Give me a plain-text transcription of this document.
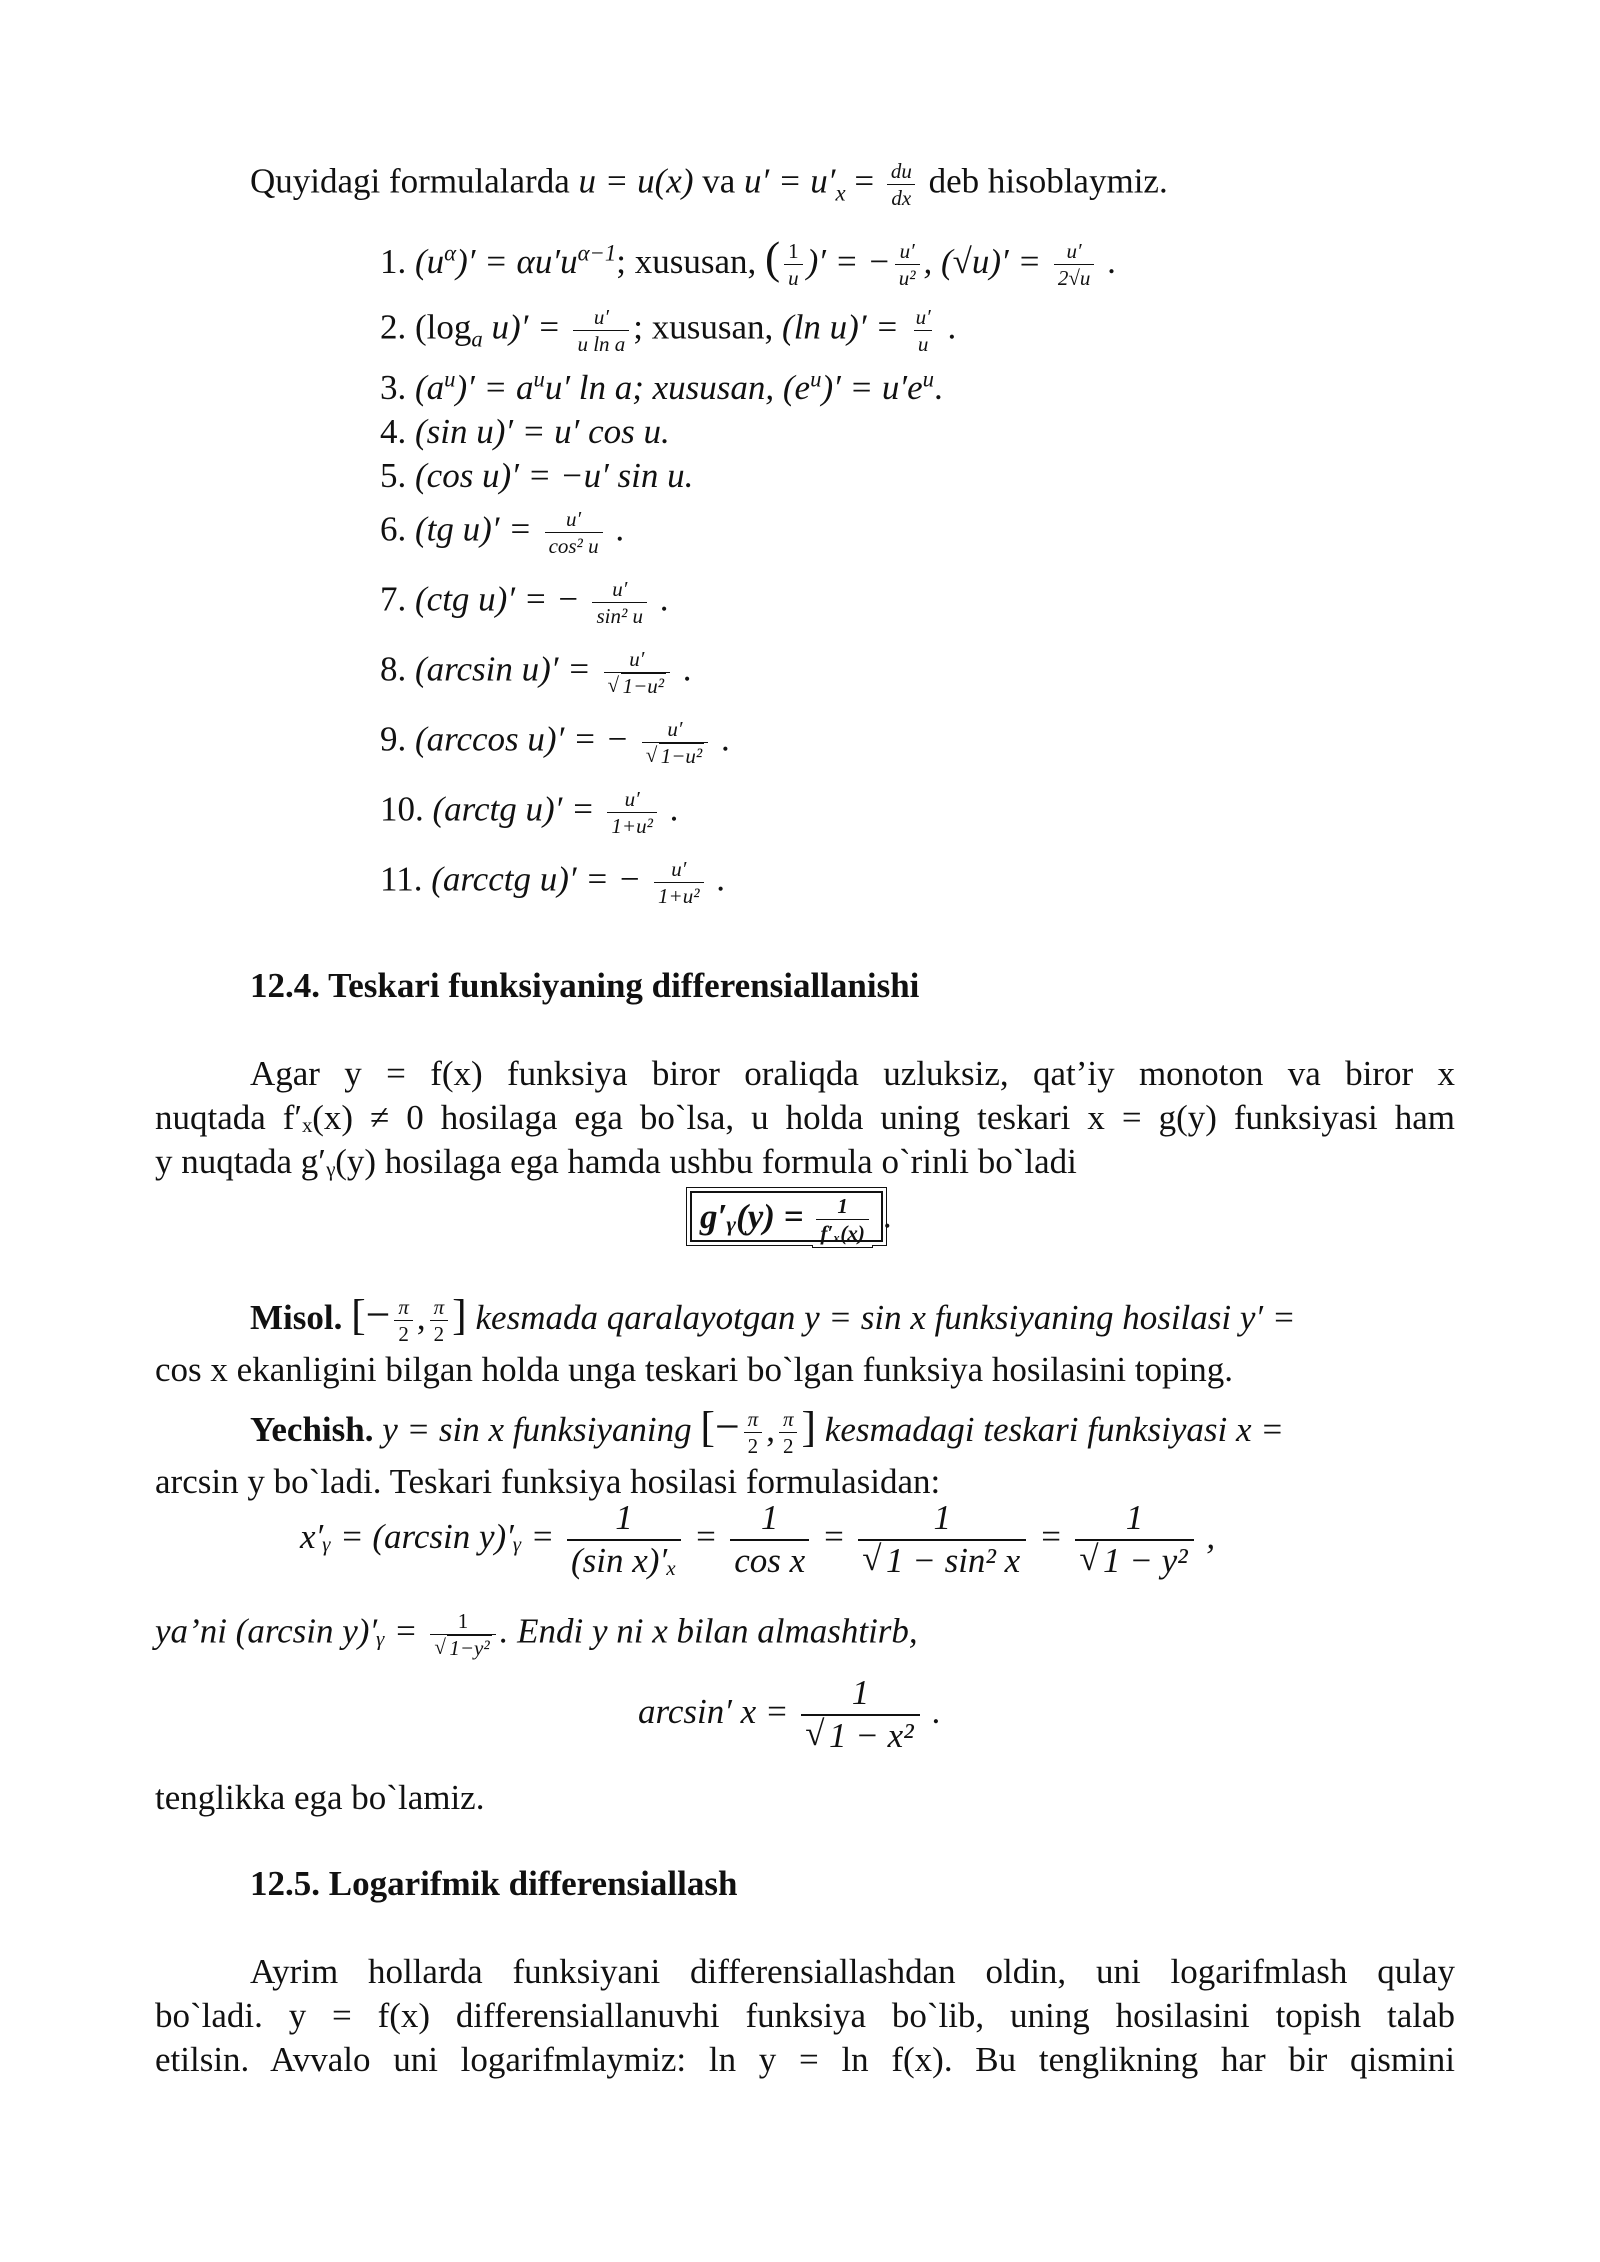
Quyidagi formulalarda u = u(x) va $u' = u'_x = \frac{du}{dx}$ deb hisoblaymiz.
1. $(u^\alpha)' = \alpha u'u^{\alpha-1}$; xususan, ( $\frac{1}{u}$ )′ = − $\frac{u'}{\text{u²}}$ , $(√u)' = \frac{u'}{2√u}$ .
2. ($\log_a$ $u)' = \frac{u'}{\text{u ln a}}$ ; xususan, (ln $u)' = \frac{u'}{u}$ .
3. $(a^u)' = a^uu'$ ln a; xususan, $(e^u)' = u'e^u$.
4. (sin u)′ = u′ cos u.
5. (cos u)′ = −u′ sin u.
6. (tg $u)' = \frac{u'}{\text{cos² u}}$ .
7. (ctg u)′ = − $\frac{u'}{\text{sin² u}}$ .
8. (arcsin u)′ = u′
√ 1−u² .
9. (arccos u)′ = − u′
√ 1−u² .
10. (arctg $u)' = \frac{u'}{\text{1+u²}}$ .
11. (arcctg u)′ = − $\frac{u'}{\text{1+u²}}$ .
12.4. Teskari funksiyaning differensiallanishi
Agar y = f(x) funksiya biror oraliqda uzluksiz, qat’iy monoton va biror x
nuqtada f′ₓ(x) ≠ 0 hosilaga ega bo`lsa, u holda uning teskari x = g(y) funksiyasi ham
y nuqtada g′ᵧ(y) hosilaga ega hamda ushbu formula o`rinli bo`ladi
g′ᵧ(y) = $\frac{1}{\text{f′ₓ(x)}}$ .
Misol. [− $\frac{\pi}{2}$ , $\frac{\pi}{2}$ ] kesmada qaralayotgan y = sin x funksiyaning hosilasi y′ =
cos x ekanligini bilgan holda unga teskari bo`lgan funksiya hosilasini toping.
Yechish. y = sin x funksiyaning [− $\frac{\pi}{2}$ , $\frac{\pi}{2}$ ] kesmadagi teskari funksiyasi x =
arcsin y bo`ladi. Teskari funksiya hosilasi formulasidan:
x′ᵧ = (arcsin y)′ᵧ = $\frac{1}{\text{(sin x)′ₓ}} = \frac{1}{\text{cos x}} = 1$
√ 1 − sin² x = 1
√ 1 − y² ,
ya’ni (arcsin y)′ᵧ = 1
√ 1−y² . Endi y ni x bilan almashtirb,
arcsin′ x = 1
√ 1 − x² .
tenglikka ega bo`lamiz.
12.5. Logarifmik differensiallash
Ayrim hollarda funksiyani differensiallashdan oldin, uni logarifmlash qulay
bo`ladi. y = f(x) differensiallanuvhi funksiya bo`lib, uning hosilasini topish talab
etilsin. Avvalo uni logarifmlaymiz: ln y = ln f(x). Bu tenglikning har bir qismini
